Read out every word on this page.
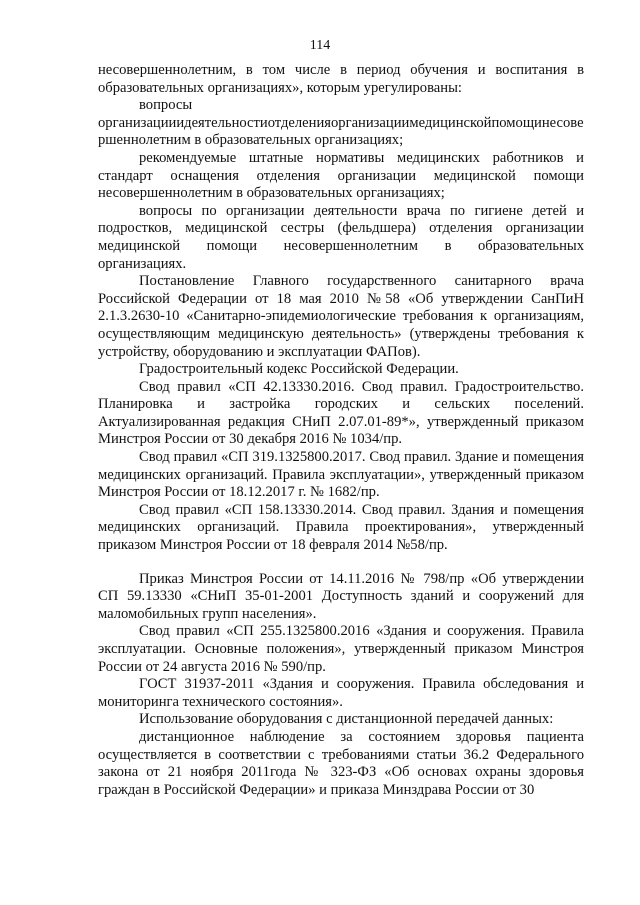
114

несовершеннолетним, в том числе в период обучения и воспитания в образовательных организациях», которым урегулированы:

вопросы

организацииидеятельностиотделенияорганизациимедицинскойпомощинесовершеннолетним в образовательных организациях;

рекомендуемые штатные нормативы медицинских работников и стандарт оснащения отделения организации медицинской помощи несовершеннолетним в образовательных организациях;

вопросы по организации деятельности врача по гигиене детей и подростков, медицинской сестры (фельдшера) отделения организации медицинской помощи несовершеннолетним в образовательных организациях.

Постановление Главного государственного санитарного врача Российской Федерации от 18 мая 2010 №58 «Об утверждении СанПиН 2.1.3.2630-10 «Санитарно-эпидемиологические требования к организациям, осуществляющим медицинскую деятельность» (утверждены требования к устройству, оборудованию и эксплуатации ФАПов).

Градостроительный кодекс Российской Федерации.

Свод правил «СП 42.13330.2016. Свод правил. Градостроительство. Планировка и застройка городских и сельских поселений. Актуализированная редакция СНиП 2.07.01-89*», утвержденный приказом Минстроя России от 30 декабря 2016 № 1034/пр.

Свод правил «СП 319.1325800.2017. Свод правил. Здание и помещения медицинских организаций. Правила эксплуатации», утвержденный приказом Минстроя России от 18.12.2017 г. № 1682/пр.

Свод правил «СП 158.13330.2014. Свод правил. Здания и помещения медицинских организаций. Правила проектирования», утвержденный приказом Минстроя России от 18 февраля 2014 №58/пр.

Приказ Минстроя России от 14.11.2016 № 798/пр «Об утверждении СП 59.13330 «СНиП 35-01-2001 Доступность зданий и сооружений для маломобильных групп населения».

Свод правил «СП 255.1325800.2016 «Здания и сооружения. Правила эксплуатации. Основные положения», утвержденный приказом Минстроя России от 24 августа 2016 № 590/пр.

ГОСТ 31937-2011 «Здания и сооружения. Правила обследования и мониторинга технического состояния».

Использование оборудования с дистанционной передачей данных:

дистанционное наблюдение за состоянием здоровья пациента осуществляется в соответствии с требованиями статьи 36.2 Федерального закона от 21 ноября 2011года № 323-ФЗ «Об основах охраны здоровья граждан в Российской Федерации» и приказа Минздрава России от 30
